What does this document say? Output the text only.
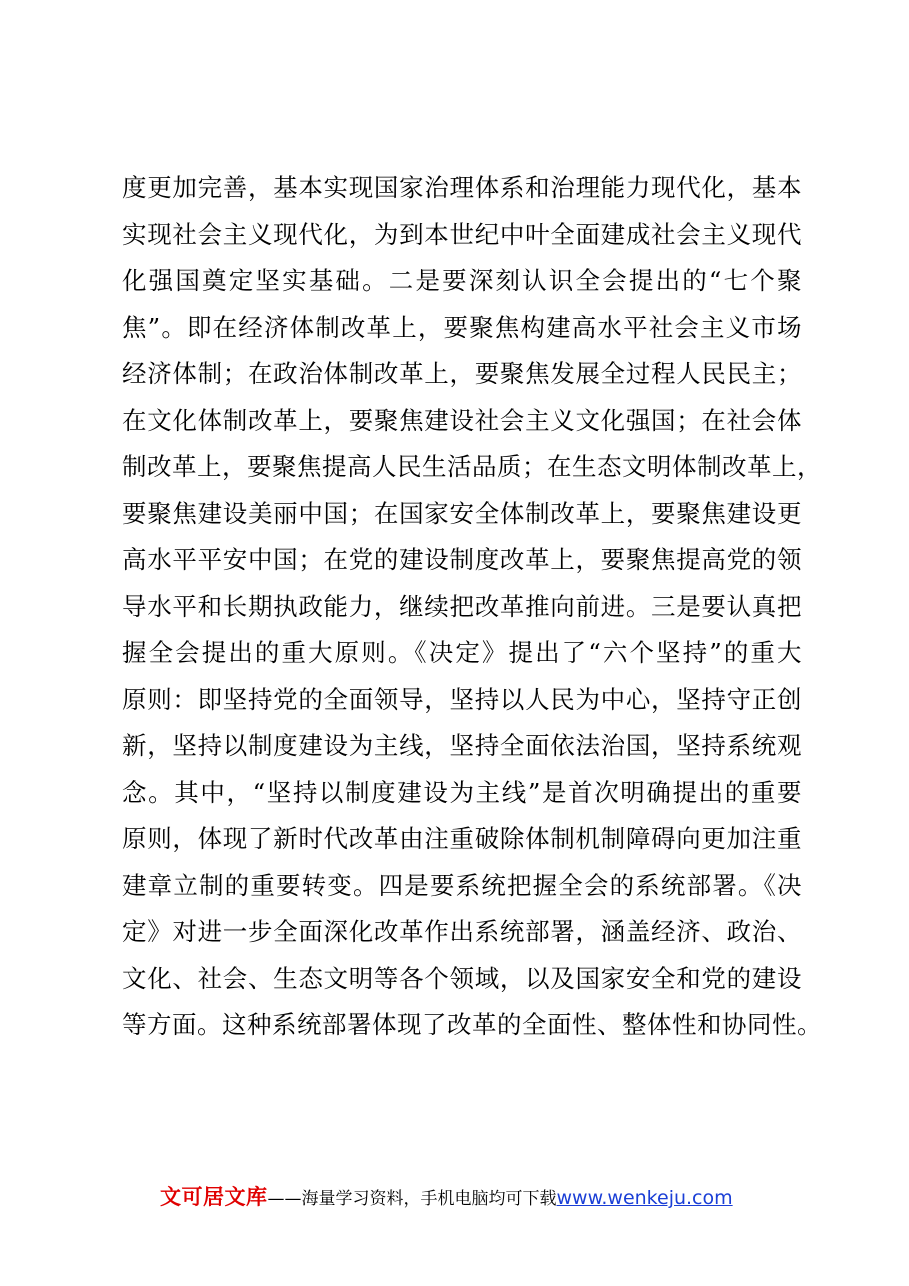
度更加完善，基本实现国家治理体系和治理能力现代化，基本
实现社会主义现代化，为到本世纪中叶全面建成社会主义现代
化强国奠定坚实基础。二是要深刻认识全会提出的“七个聚
焦”。即在经济体制改革上，要聚焦构建高水平社会主义市场
经济体制；在政治体制改革上，要聚焦发展全过程人民民主；
在文化体制改革上，要聚焦建设社会主义文化强国；在社会体
制改革上，要聚焦提高人民生活品质；在生态文明体制改革上，
要聚焦建设美丽中国；在国家安全体制改革上，要聚焦建设更
高水平平安中国；在党的建设制度改革上，要聚焦提高党的领
导水平和长期执政能力，继续把改革推向前进。三是要认真把
握全会提出的重大原则。《决定》提出了“六个坚持”的重大
原则：即坚持党的全面领导，坚持以人民为中心，坚持守正创
新，坚持以制度建设为主线，坚持全面依法治国，坚持系统观
念。其中，“坚持以制度建设为主线”是首次明确提出的重要
原则，体现了新时代改革由注重破除体制机制障碍向更加注重
建章立制的重要转变。四是要系统把握全会的系统部署。《决
定》对进一步全面深化改革作出系统部署，涵盖经济、政治、
文化、社会、生态文明等各个领域，以及国家安全和党的建设
等方面。这种系统部署体现了改革的全面性、整体性和协同性。
文可居文库——海量学习资料，手机电脑均可下载www.wenkeju.com
